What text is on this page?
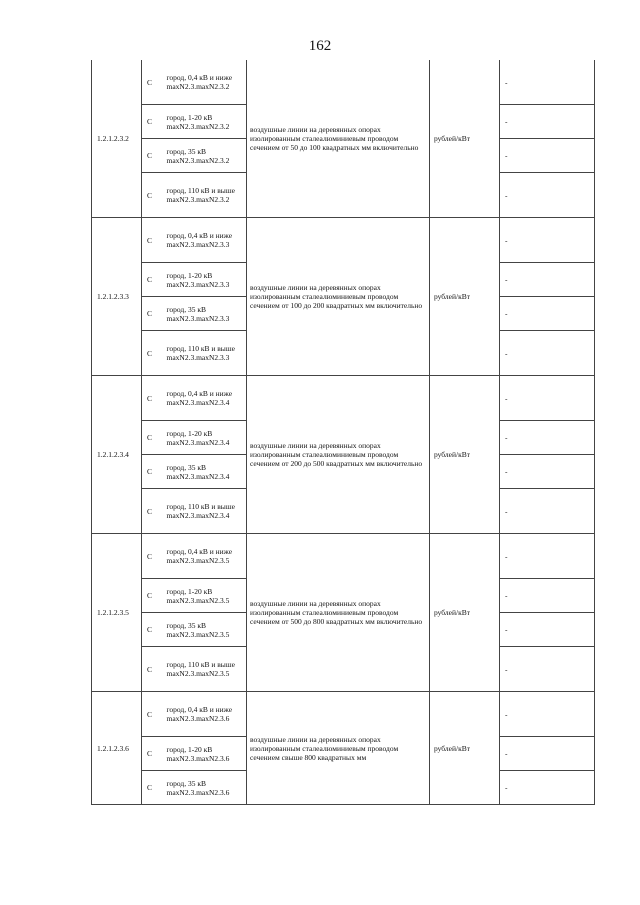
162
1.2.1.2.3.2	С	город, 0,4 кВ и ниже maxN2.3.maxN2.3.2	воздушные линии на деревянных опорах изолированным сталеалюминиевым проводом сечением от 50 до 100 квадратных мм включительно	рублей/кВт	-
	С	город, 1-20 кВ maxN2.3.maxN2.3.2			-
	С	город, 35 кВ maxN2.3.maxN2.3.2			-
	С	город, 110 кВ и выше maxN2.3.maxN2.3.2			-
1.2.1.2.3.3	С	город, 0,4 кВ и ниже maxN2.3.maxN2.3.3	воздушные линии на деревянных опорах изолированным сталеалюминиевым проводом сечением от 100 до 200 квадратных мм включительно	рублей/кВт	-
	С	город, 1-20 кВ maxN2.3.maxN2.3.3			-
	С	город, 35 кВ maxN2.3.maxN2.3.3			-
	С	город, 110 кВ и выше maxN2.3.maxN2.3.3			-
1.2.1.2.3.4	С	город, 0,4 кВ и ниже maxN2.3.maxN2.3.4	воздушные линии на деревянных опорах изолированным сталеалюминиевым проводом сечением от 200 до 500 квадратных мм включительно	рублей/кВт	-
	С	город, 1-20 кВ maxN2.3.maxN2.3.4			-
	С	город, 35 кВ maxN2.3.maxN2.3.4			-
	С	город, 110 кВ и выше maxN2.3.maxN2.3.4			-
1.2.1.2.3.5	С	город, 0,4 кВ и ниже maxN2.3.maxN2.3.5	воздушные линии на деревянных опорах изолированным сталеалюминиевым проводом сечением от 500 до 800 квадратных мм включительно	рублей/кВт	-
	С	город, 1-20 кВ maxN2.3.maxN2.3.5			-
	С	город, 35 кВ maxN2.3.maxN2.3.5			-
	С	город, 110 кВ и выше maxN2.3.maxN2.3.5			-
1.2.1.2.3.6	С	город, 0,4 кВ и ниже maxN2.3.maxN2.3.6	воздушные линии на деревянных опорах изолированным сталеалюминиевым проводом сечением свыше 800 квадратных мм	рублей/кВт	-
	С	город, 1-20 кВ maxN2.3.maxN2.3.6			-
	С	город, 35 кВ maxN2.3.maxN2.3.6			-
